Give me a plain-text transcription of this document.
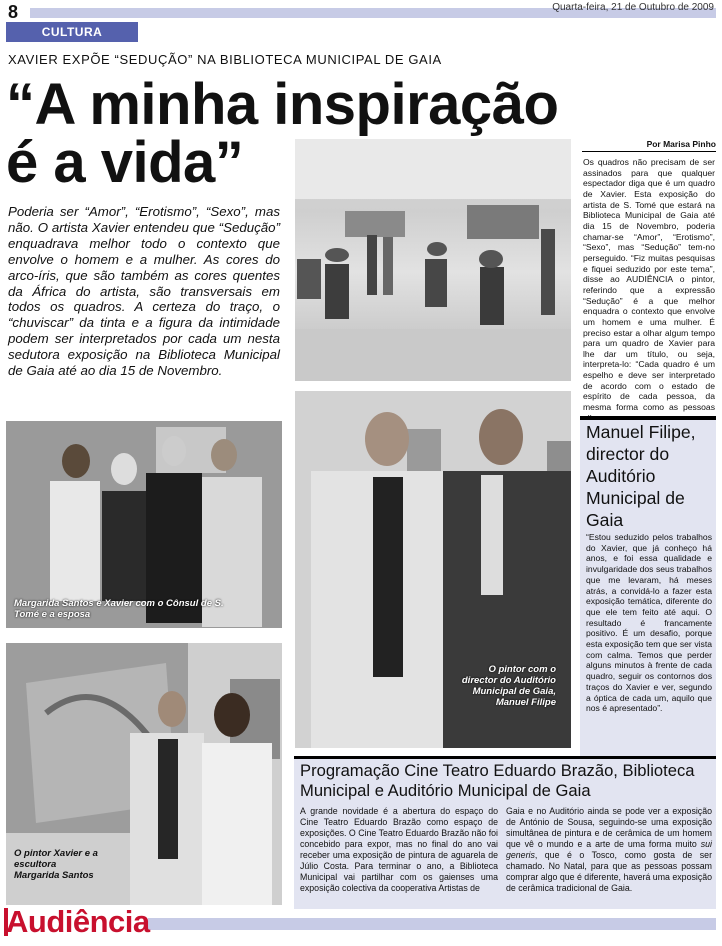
8	Quarta-feira, 21 de Outubro de 2009
CULTURA
XAVIER EXPÕE “SEDUÇÃO” NA BIBLIOTECA MUNICIPAL DE GAIA
“A minha inspiração
é a vida”
Poderia ser “Amor”, “Erotismo”, “Sexo”, mas não. O artista Xavier entendeu que “Sedução” enquadrava melhor todo o contexto que envolve o homem e a mulher. As cores do arco-íris, que são também as cores quentes da África do artista, são transversais em todos os quadros. A certeza do traço, o “chuviscar” da tinta e a figura da intimidade podem ser interpretados por cada um nesta sedutora exposição na Biblioteca Municipal de Gaia até ao dia 15 de Novembro.
Por Marisa Pinho
Os quadros não precisam de ser assinados para que qualquer espectador diga que é um quadro de Xavier. Esta exposição do artista de S. Tomé que estará na Biblioteca Municipal de Gaia até dia 15 de Novembro, poderia chamar-se “Amor”, “Erotismo”, “Sexo”, mas “Sedução” tem-no perseguido. “Fiz muitas pesquisas e fiquei seduzido por este tema”, disse ao AUDIÊNCIA o pintor, referindo que a expressão “Sedução” é a que melhor enquadra o contexto que envolve um homem e uma mulher. É preciso estar a olhar algum tempo para um quadro de Xavier para lhe dar um título, ou seja, interpreta-lo: “Cada quadro é um espelho e deve ser interpretado de acordo com o estado de espírito de cada pessoa, da mesma forma como as pessoas
Margarida Santos e Xavier com o Cônsul de S. Tomé e a esposa
O pintor com o director do Auditório Municipal de Gaia, Manuel Filipe
O pintor Xavier e a escultora Margarida Santos
Manuel Filipe, director do Auditório Municipal de Gaia
“Estou seduzido pelos trabalhos do Xavier, que já conheço há anos, e foi essa qualidade e invulgaridade dos seus trabalhos que me levaram, há meses atrás, a convidá-lo a fazer esta exposição temática, diferente do que ele tem feito até aqui. O resultado é francamente positivo. É um desafio, porque esta exposição tem que ser vista com calma. Temos que perder alguns minutos à frente de cada quadro, seguir os contornos dos traços do Xavier e ver, segundo a óptica de cada um, aquilo que nos é apresentado”.
Programação Cine Teatro Eduardo Brazão, Biblioteca Municipal e Auditório Municipal de Gaia
A grande novidade é a abertura do espaço do Cine Teatro Eduardo Brazão como espaço de exposições. O Cine Teatro Eduardo Brazão não foi concebido para expor, mas no final do ano vai receber uma exposição de pintura de aguarela de Júlio Costa. Para terminar o ano, a Biblioteca Municipal vai partilhar com os gaienses uma exposição colectiva da cooperativa Artistas de
Gaia e no Auditório ainda se pode ver a exposição de António de Sousa, seguindo-se uma exposição simultânea de pintura e de cerâmica de um homem que vê o mundo e a arte de uma forma muito sui generis, que é o Tosco, como gosta de ser chamado. No Natal, para que as pessoas possam comprar algo que é diferente, haverá uma exposição de cerâmica tradicional de Gaia.
Audiência
